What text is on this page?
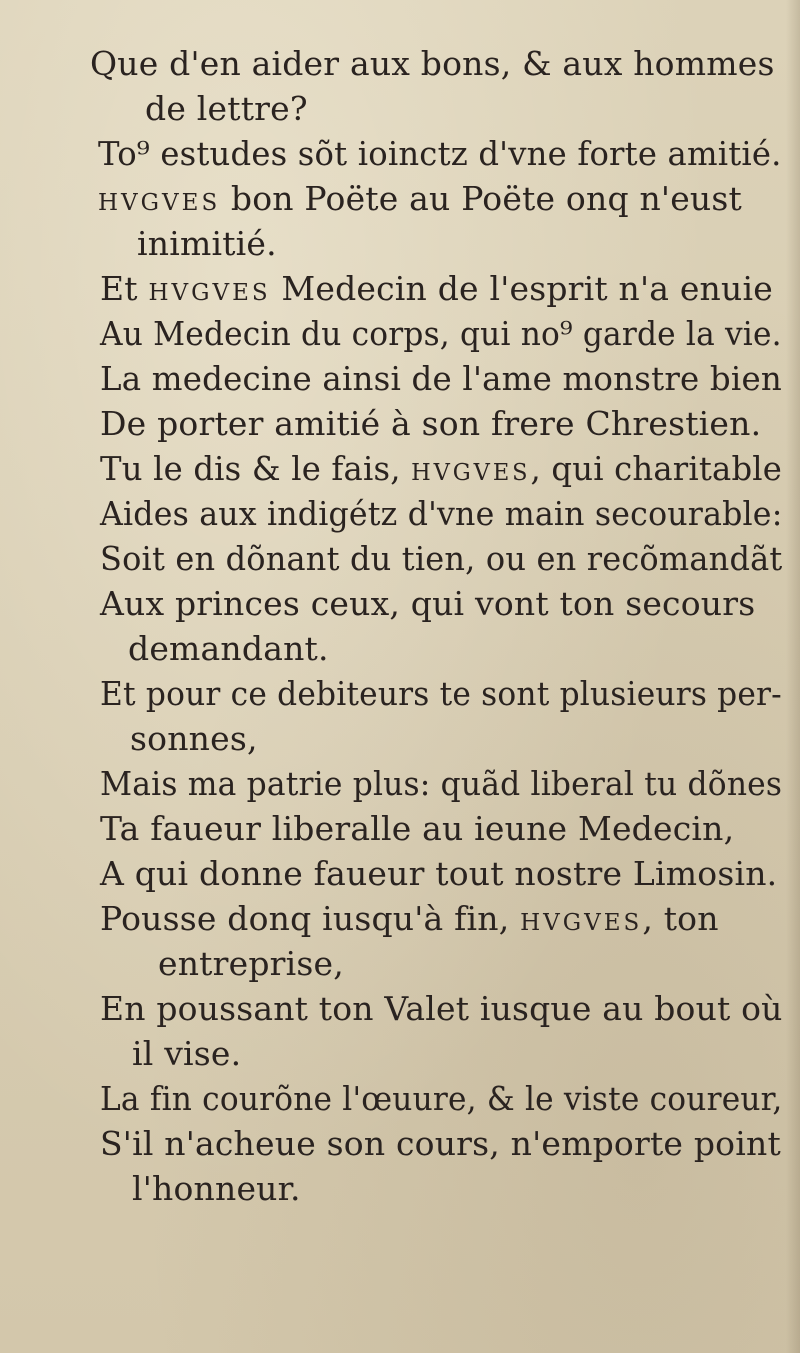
Que d'en aider aux bons, & aux hommes
de lettre?
To⁹ estudes sõt ioinctz d'vne forte amitié.
HVGVES bon Poëte au Poëte onq n'eust
inimitié.
Et HVGVES Medecin de l'esprit n'a enuie
Au Medecin du corps, qui no⁹ garde la vie.
La medecine ainsi de l'ame monstre bien
De porter amitié à son frere Chrestien.
Tu le dis & le fais, HVGVES, qui charitable
Aides aux indigétz d'vne main secourable:
Soit en dõnant du tien, ou en recõmandãt
Aux princes ceux, qui vont ton secours
demandant.
Et pour ce debiteurs te sont plusieurs per-
sonnes,
Mais ma patrie plus: quãd liberal tu dõnes
Ta faueur liberalle au ieune Medecin,
A qui donne faueur tout nostre Limosin.
Pousse donq iusqu'à fin, HVGVES, ton
entreprise,
En poussant ton Valet iusque au bout où
il vise.
La fin courõne l'œuure, & le viste coureur,
S'il n'acheue son cours, n'emporte point
l'honneur.
